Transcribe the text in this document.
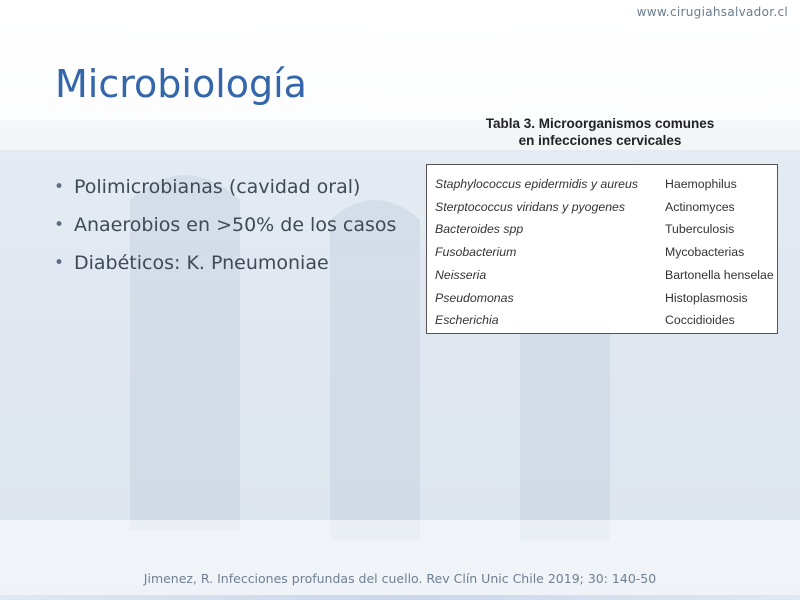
www.cirugiahsalvador.cl
Microbiología
• Polimicrobianas (cavidad oral)
• Anaerobios en >50% de los casos
• Diabéticos: K. Pneumoniae
Tabla 3. Microorganismos comunes
en infecciones cervicales
Staphylococcus epidermidis y aureus
Sterptococcus viridans y pyogenes
Bacteroides spp
Fusobacterium
Neisseria
Pseudomonas
Escherichia
Haemophilus
Actinomyces
Tuberculosis
Mycobacterias
Bartonella henselae
Histoplasmosis
Coccidioides
Jimenez, R. Infecciones profundas del cuello. Rev Clín Unic Chile 2019; 30: 140-50
